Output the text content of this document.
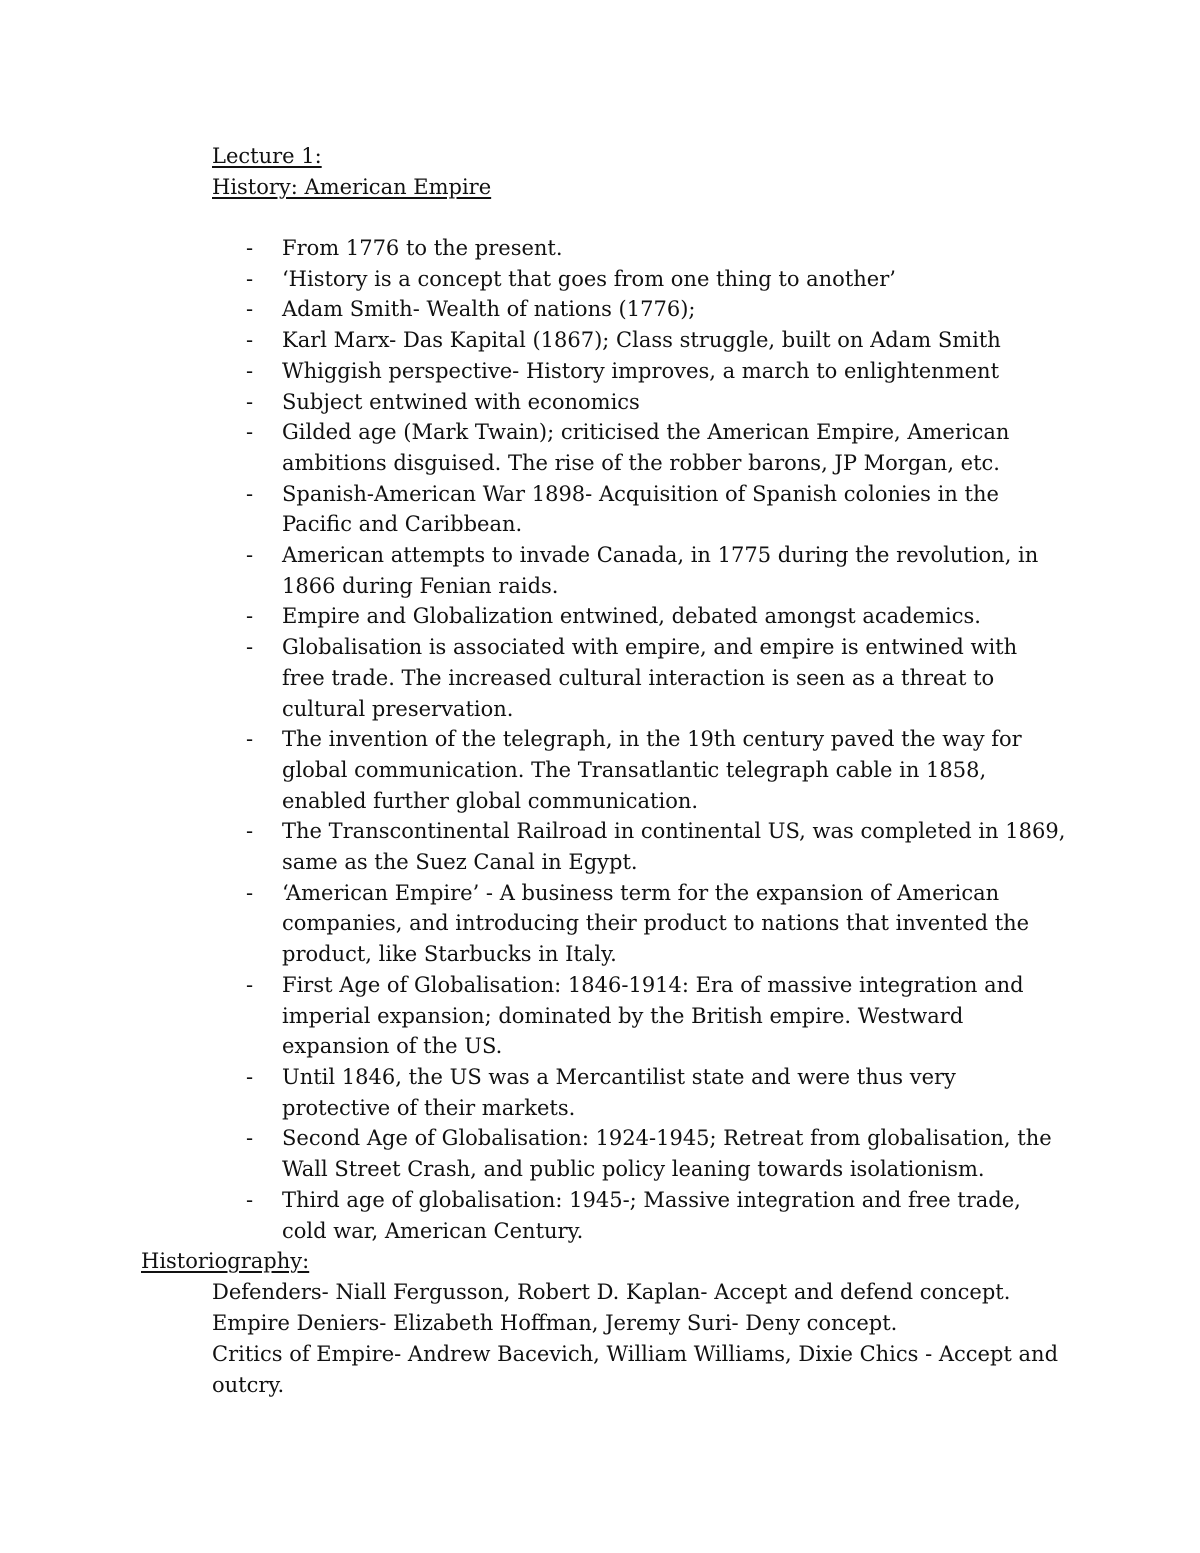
Lecture 1:
History: American Empire
-	From 1776 to the present.
-	‘History is a concept that goes from one thing to another’
-	Adam Smith- Wealth of nations (1776);
-	Karl Marx- Das Kapital (1867); Class struggle, built on Adam Smith
-	Whiggish perspective- History improves, a march to enlightenment
-	Subject entwined with economics
-	Gilded age (Mark Twain); criticised the American Empire, American ambitions disguised. The rise of the robber barons, JP Morgan, etc.
-	Spanish-American War 1898- Acquisition of Spanish colonies in the Pacific and Caribbean.
-	American attempts to invade Canada, in 1775 during the revolution, in 1866 during Fenian raids.
-	Empire and Globalization entwined, debated amongst academics.
-	Globalisation is associated with empire, and empire is entwined with free trade. The increased cultural interaction is seen as a threat to cultural preservation.
-	The invention of the telegraph, in the 19th century paved the way for global communication. The Transatlantic telegraph cable in 1858, enabled further global communication.
-	The Transcontinental Railroad in continental US, was completed in 1869, same as the Suez Canal in Egypt.
-	‘American Empire’ - A business term for the expansion of American companies, and introducing their product to nations that invented the product, like Starbucks in Italy.
-	First Age of Globalisation: 1846-1914: Era of massive integration and imperial expansion; dominated by the British empire. Westward expansion of the US.
-	Until 1846, the US was a Mercantilist state and were thus very protective of their markets.
-	Second Age of Globalisation: 1924-1945; Retreat from globalisation, the Wall Street Crash, and public policy leaning towards isolationism.
-	Third age of globalisation: 1945-; Massive integration and free trade, cold war, American Century.
Historiography:

Defenders- Niall Fergusson, Robert D. Kaplan- Accept and defend concept.

Empire Deniers- Elizabeth Hoffman, Jeremy Suri- Deny concept.

Critics of Empire- Andrew Bacevich, William Williams, Dixie Chics - Accept and outcry.
